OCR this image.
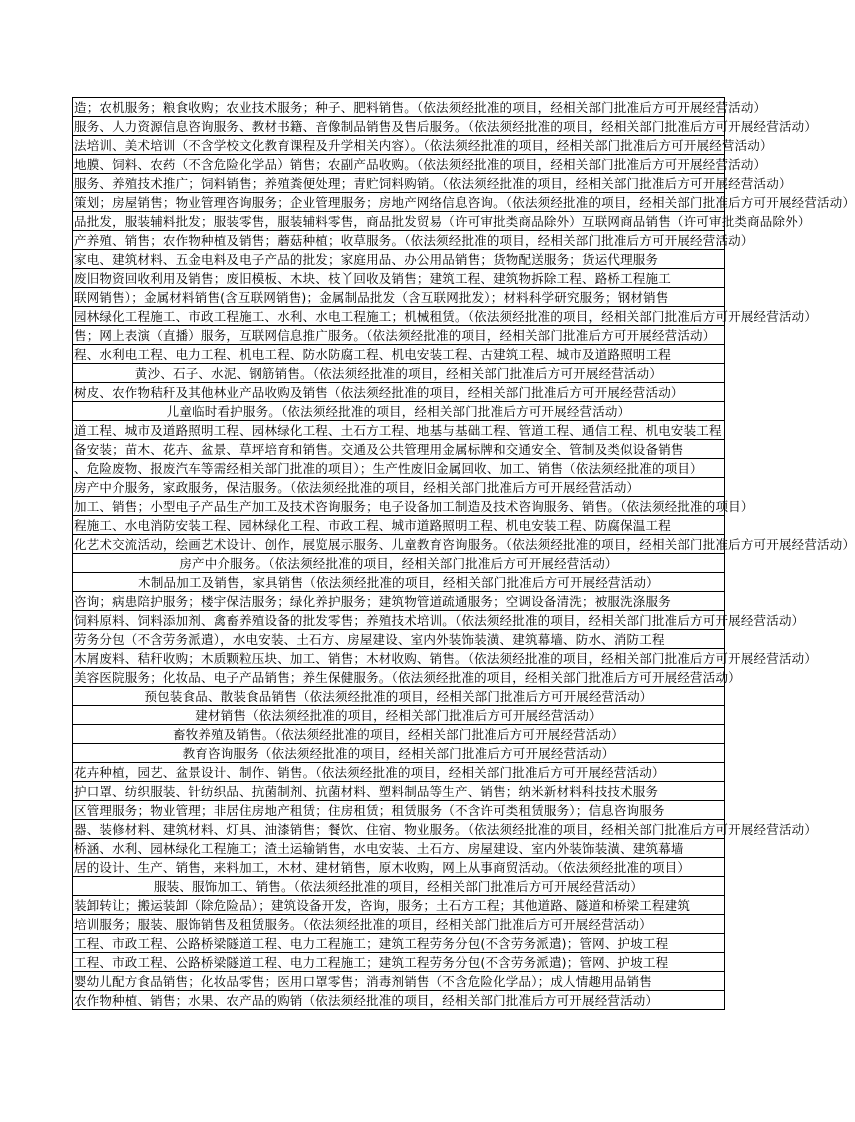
造；农机服务；粮食收购；农业技术服务；种子、肥料销售。（依法须经批准的项目，经相关部门批准后方可开展经营活动）
服务、人力资源信息咨询服务、教材书籍、音像制品销售及售后服务。（依法须经批准的项目，经相关部门批准后方可开展经营活动）
法培训、美术培训（不含学校文化教育课程及升学相关内容）。（依法须经批准的项目，经相关部门批准后方可开展经营活动）
地膜、饲料、农药（不含危险化学品）销售；农副产品收购。（依法须经批准的项目，经相关部门批准后方可开展经营活动）
服务、养殖技术推广；饲料销售；养殖粪便处理；青贮饲料购销。（依法须经批准的项目，经相关部门批准后方可开展经营活动）
策划；房屋销售；物业管理咨询服务；企业管理服务；房地产网络信息咨询。（依法须经批准的项目，经相关部门批准后方可开展经营活动）
品批发，服装辅料批发；服装零售，服装辅料零售，商品批发贸易（许可审批类商品除外）互联网商品销售（许可审批类商品除外）
产养殖、销售；农作物种植及销售；蘑菇种植；收草服务。（依法须经批准的项目，经相关部门批准后方可开展经营活动）
家电、建筑材料、五金电料及电子产品的批发；家庭用品、办公用品销售；货物配送服务；货运代理服务
废旧物资回收利用及销售；废旧模板、木块、枝丫回收及销售；建筑工程、建筑物拆除工程、路桥工程施工
联网销售）；金属材料销售(含互联网销售)；金属制品批发（含互联网批发）；材料科学研究服务；钢材销售
园林绿化工程施工、市政工程施工、水利、水电工程施工；机械租赁。（依法须经批准的项目，经相关部门批准后方可开展经营活动）
售；网上表演（直播）服务，互联网信息推广服务。（依法须经批准的项目，经相关部门批准后方可开展经营活动）
程、水利电工程、电力工程、机电工程、防水防腐工程、机电安装工程、古建筑工程、城市及道路照明工程
黄沙、石子、水泥、钢筋销售。（依法须经批准的项目，经相关部门批准后方可开展经营活动）
树皮、农作物秸秆及其他林业产品收购及销售（依法须经批准的项目，经相关部门批准后方可开展经营活动）
儿童临时看护服务。（依法须经批准的项目，经相关部门批准后方可开展经营活动）
道工程、城市及道路照明工程、园林绿化工程、土石方工程、地基与基础工程、管道工程、通信工程、机电安装工程
备安装；苗木、花卉、盆景、草坪培育和销售。交通及公共管理用金属标牌和交通安全、管制及类似设备销售
、危险废物、报废汽车等需经相关部门批准的项目）；生产性废旧金属回收、加工、销售（依法须经批准的项目）
房产中介服务，家政服务，保洁服务。（依法须经批准的项目，经相关部门批准后方可开展经营活动）
加工、销售；小型电子产品生产加工及技术咨询服务；电子设备加工制造及技术咨询服务、销售。（依法须经批准的项目）
程施工、水电消防安装工程、园林绿化工程、市政工程、城市道路照明工程、机电安装工程、防腐保温工程
化艺术交流活动，绘画艺术设计、创作，展览展示服务、儿童教育咨询服务。（依法须经批准的项目，经相关部门批准后方可开展经营活动）
房产中介服务。（依法须经批准的项目，经相关部门批准后方可开展经营活动）
木制品加工及销售，家具销售（依法须经批准的项目，经相关部门批准后方可开展经营活动）
咨询；病患陪护服务；楼宇保洁服务；绿化养护服务；建筑物管道疏通服务；空调设备清洗；被服洗涤服务
饲料原料、饲料添加剂、禽畜养殖设备的批发零售；养殖技术培训。（依法须经批准的项目，经相关部门批准后方可开展经营活动）
劳务分包（不含劳务派遣），水电安装、土石方、房屋建设、室内外装饰装潢、建筑幕墙、防水、消防工程
木屑废料、秸秆收购；木质颗粒压块、加工、销售；木材收购、销售。（依法须经批准的项目，经相关部门批准后方可开展经营活动）
美容医院服务；化妆品、电子产品销售；养生保健服务。（依法须经批准的项目，经相关部门批准后方可开展经营活动）
预包装食品、散装食品销售（依法须经批准的项目，经相关部门批准后方可开展经营活动）
建材销售（依法须经批准的项目，经相关部门批准后方可开展经营活动）
畜牧养殖及销售。（依法须经批准的项目，经相关部门批准后方可开展经营活动）
教育咨询服务（依法须经批准的项目，经相关部门批准后方可开展经营活动）
花卉种植，园艺、盆景设计、制作、销售。（依法须经批准的项目，经相关部门批准后方可开展经营活动）
护口罩、纺织服装、针纺织品、抗菌制剂、抗菌材料、塑料制品等生产、销售；纳米新材料科技技术服务
区管理服务；物业管理；非居住房地产租赁；住房租赁；租赁服务（不含许可类租赁服务）；信息咨询服务
器、装修材料、建筑材料、灯具、油漆销售；餐饮、住宿、物业服务。（依法须经批准的项目，经相关部门批准后方可开展经营活动）
桥涵、水利、园林绿化工程施工；渣土运输销售，水电安装、土石方、房屋建设、室内外装饰装潢、建筑幕墙
居的设计、生产、销售，来料加工，木材、建材销售，原木收购，网上从事商贸活动。（依法须经批准的项目）
服装、服饰加工、销售。（依法须经批准的项目，经相关部门批准后方可开展经营活动）
装卸转让；搬运装卸（除危险品）；建筑设备开发，咨询，服务；土石方工程；其他道路、隧道和桥梁工程建筑
培训服务；服装、服饰销售及租赁服务。（依法须经批准的项目，经相关部门批准后方可开展经营活动）
工程、市政工程、公路桥梁隧道工程、电力工程施工；建筑工程劳务分包(不含劳务派遣)；管网、护坡工程
工程、市政工程、公路桥梁隧道工程、电力工程施工；建筑工程劳务分包(不含劳务派遣)；管网、护坡工程
婴幼儿配方食品销售；化妆品零售；医用口罩零售；消毒剂销售（不含危险化学品）；成人情趣用品销售
农作物种植、销售；水果、农产品的购销（依法须经批准的项目，经相关部门批准后方可开展经营活动）
